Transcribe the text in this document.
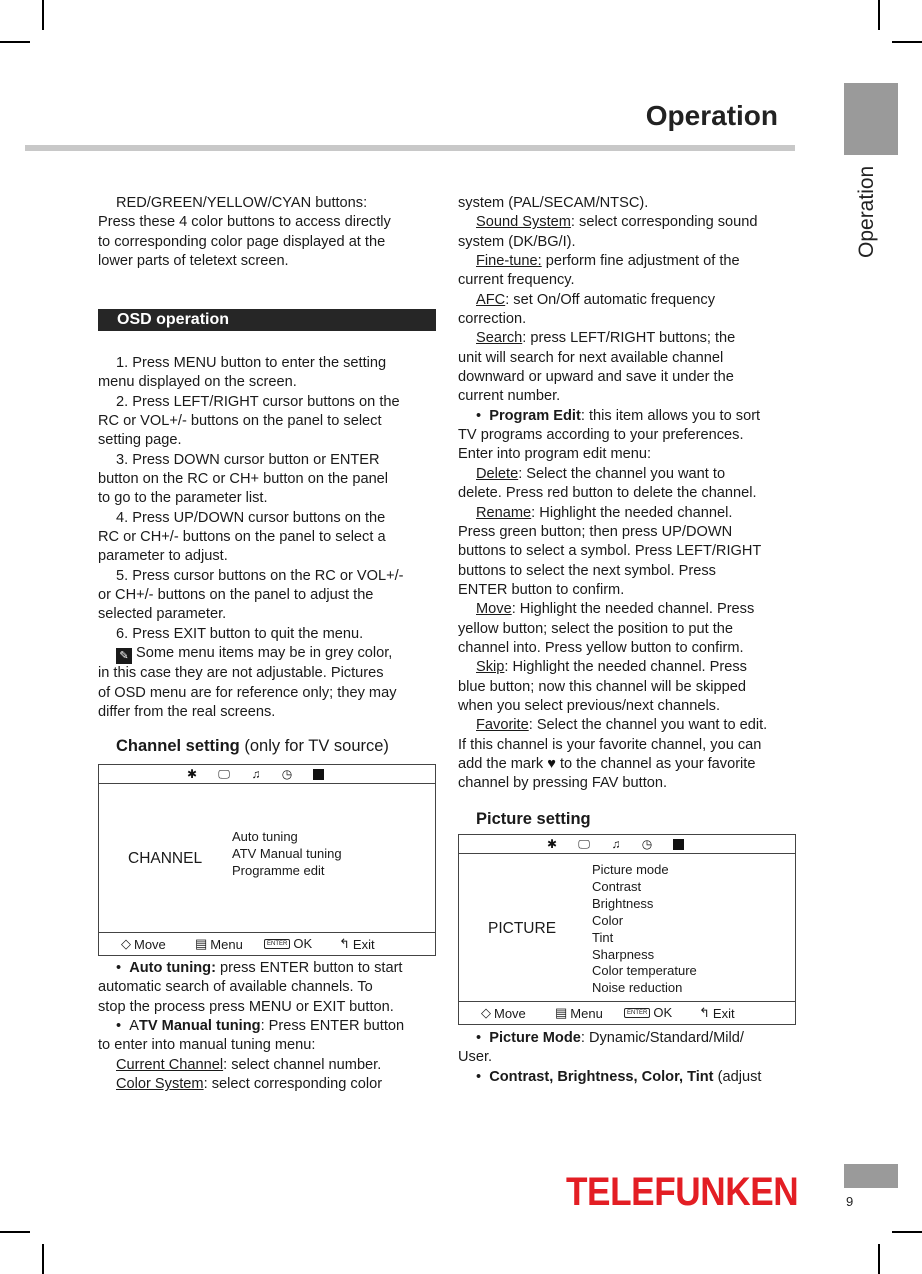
Operation
Operation

RED/GREEN/YELLOW/CYAN buttons:

Press these 4 color buttons to access directly

to corresponding color page displayed at the

lower parts of teletext screen.

OSD operation

1. Press MENU button to enter the setting

menu displayed on the screen.

2. Press LEFT/RIGHT cursor buttons on the

RC or VOL+/- buttons on the panel to select

setting page.

3. Press DOWN cursor button or ENTER

button on the RC or CH+ button on the panel

to go to the parameter list.

4. Press UP/DOWN cursor buttons on the

RC or CH+/- buttons on the panel to select a

parameter to adjust.

5. Press cursor buttons on the RC or VOL+/-

or CH+/- buttons on the panel to adjust the

selected parameter.

6. Press EXIT button to quit the menu.

✎ Some menu items may be in grey color,

in this case they are not adjustable. Pictures

of OSD menu are for reference only; they may

differ from the real screens.

Channel setting (only for TV source)
✱ 🖵 ♫ ◷
CHANNEL
Auto tuning
ATV Manual tuning
Programme edit
◇ Move ▤ Menu	ENTER OK ↰ Exit

•  Auto tuning: press ENTER button to start

automatic search of available channels. To

stop the process press MENU or EXIT button.

•  ATV Manual tuning: Press ENTER button

to enter into manual tuning menu:

Current Channel: select channel number.

Color System: select corresponding color

system (PAL/SECAM/NTSC).

Sound System: select corresponding sound

system (DK/BG/I).

Fine-tune: perform fine adjustment of the

current frequency.

AFC: set On/Off automatic frequency

correction.

Search: press LEFT/RIGHT buttons; the

unit will search for next available channel

downward or upward and save it under the

current number.

•  Program Edit: this item allows you to sort

TV programs according to your preferences.

Enter into program edit menu:

Delete: Select the channel you want to

delete. Press red button to delete the channel.

Rename: Highlight the needed channel.

Press green button; then press UP/DOWN

buttons to select a symbol. Press LEFT/RIGHT

buttons to select the next symbol. Press

ENTER button to confirm.

Move: Highlight the needed channel. Press

yellow button; select the position to put the

channel into. Press yellow button to confirm.

Skip: Highlight the needed channel. Press

blue button; now this channel will be skipped

when you select previous/next channels.

Favorite: Select the channel you want to edit.

If this channel is your favorite channel, you can

add the mark ♥ to the channel as your favorite

channel by pressing FAV button.

Picture setting
✱ 🖵 ♫ ◷
PICTURE
Picture mode
Contrast
Brightness
Color
Tint
Sharpness
Color temperature
Noise reduction
◇ Move ▤ Menu	ENTER OK ↰ Exit

•  Picture Mode: Dynamic/Standard/Mild/

User.

•  Contrast, Brightness, Color, Tint (adjust

TELEFUNKEN	9
